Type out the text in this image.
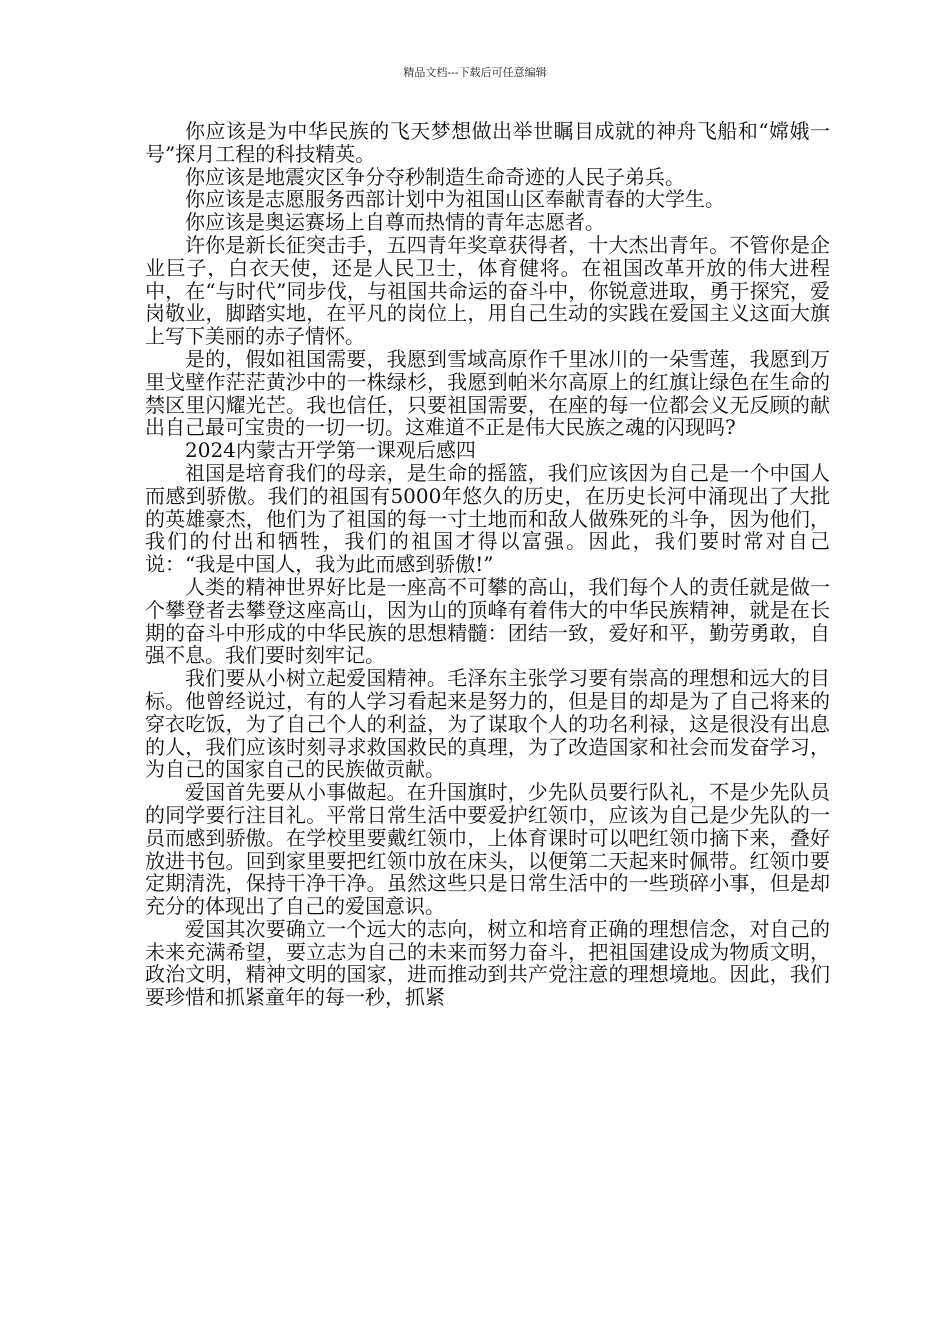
精品文档---下载后可任意编辑

你应该是为中华民族的飞天梦想做出举世瞩目成就的神舟飞船和“嫦娥一号”探月工程的科技精英。

你应该是地震灾区争分夺秒制造生命奇迹的人民子弟兵。

你应该是志愿服务西部计划中为祖国山区奉献青春的大学生。

你应该是奥运赛场上自尊而热情的青年志愿者。

许你是新长征突击手，五四青年奖章获得者，十大杰出青年。不管你是企业巨子，白衣天使，还是人民卫士，体育健将。在祖国改革开放的伟大进程中，在“与时代”同步伐，与祖国共命运的奋斗中，你锐意进取，勇于探究，爱岗敬业，脚踏实地，在平凡的岗位上，用自己生动的实践在爱国主义这面大旗上写下美丽的赤子情怀。

是的，假如祖国需要，我愿到雪域高原作千里冰川的一朵雪莲，我愿到万里戈壁作茫茫黄沙中的一株绿杉，我愿到帕米尔高原上的红旗让绿色在生命的禁区里闪耀光芒。我也信任，只要祖国需要，在座的每一位都会义无反顾的献出自己最可宝贵的一切一切。这难道不正是伟大民族之魂的闪现吗?

2024内蒙古开学第一课观后感四

祖国是培育我们的母亲，是生命的摇篮，我们应该因为自己是一个中国人而感到骄傲。我们的祖国有5000年悠久的历史，在历史长河中涌现出了大批的英雄豪杰，他们为了祖国的每一寸土地而和敌人做殊死的斗争，因为他们，我们的付出和牺牲，我们的祖国才得以富强。因此，我们要时常对自己说：“我是中国人，我为此而感到骄傲!”

人类的精神世界好比是一座高不可攀的高山，我们每个人的责任就是做一个攀登者去攀登这座高山，因为山的顶峰有着伟大的中华民族精神，就是在长期的奋斗中形成的中华民族的思想精髓：团结一致，爱好和平，勤劳勇敢，自强不息。我们要时刻牢记。

我们要从小树立起爱国精神。毛泽东主张学习要有崇高的理想和远大的目标。他曾经说过，有的人学习看起来是努力的，但是目的却是为了自己将来的穿衣吃饭，为了自己个人的利益，为了谋取个人的功名利禄，这是很没有出息的人，我们应该时刻寻求救国救民的真理，为了改造国家和社会而发奋学习，为自己的国家自己的民族做贡献。

爱国首先要从小事做起。在升国旗时，少先队员要行队礼，不是少先队员的同学要行注目礼。平常日常生活中要爱护红领巾，应该为自己是少先队的一员而感到骄傲。在学校里要戴红领巾，上体育课时可以吧红领巾摘下来，叠好放进书包。回到家里要把红领巾放在床头，以便第二天起来时佩带。红领巾要定期清洗，保持干净干净。虽然这些只是日常生活中的一些琐碎小事，但是却充分的体现出了自己的爱国意识。

爱国其次要确立一个远大的志向，树立和培育正确的理想信念，对自己的未来充满希望，要立志为自己的未来而努力奋斗，把祖国建设成为物质文明，政治文明，精神文明的国家，进而推动到共产党注意的理想境地。因此，我们要珍惜和抓紧童年的每一秒，抓紧
